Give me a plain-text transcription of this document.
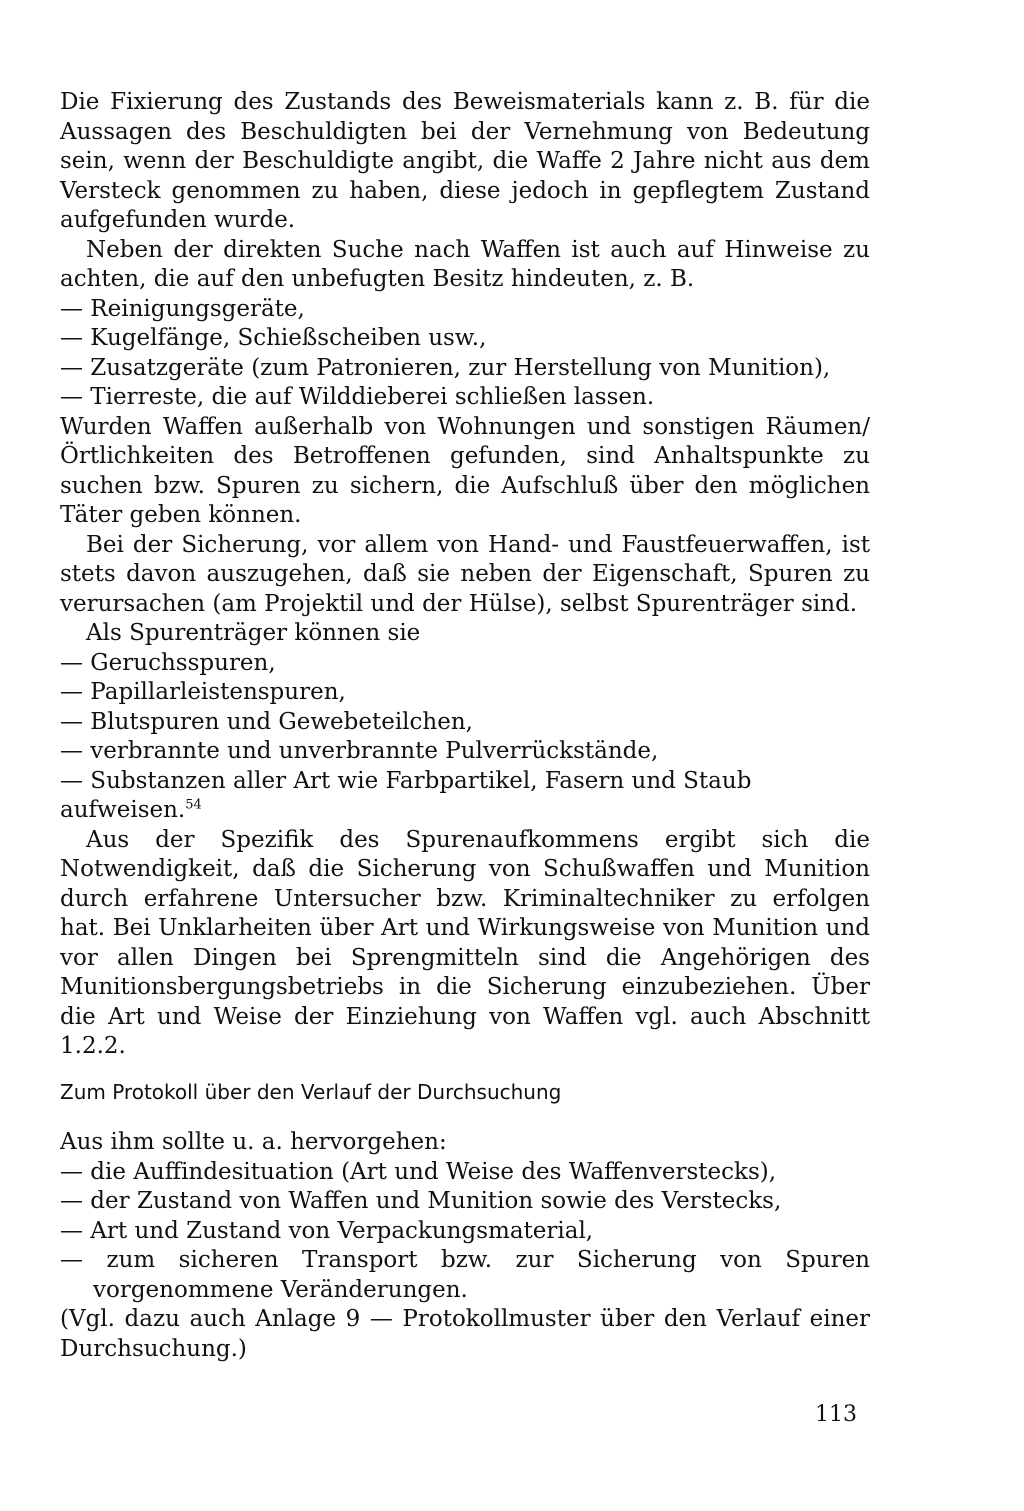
Die Fixierung des Zustands des Beweismaterials kann z. B. für die Aussagen des Beschuldigten bei der Vernehmung von Bedeutung sein, wenn der Beschuldigte angibt, die Waffe 2 Jahre nicht aus dem Versteck genommen zu haben, diese jedoch in gepflegtem Zustand aufgefunden wurde.

Neben der direkten Suche nach Waffen ist auch auf Hinweise zu achten, die auf den unbefugten Besitz hindeuten, z. B.

— Reinigungsgeräte,

— Kugelfänge, Schießscheiben usw.,

— Zusatzgeräte (zum Patronieren, zur Herstellung von Munition),

— Tierreste, die auf Wilddieberei schließen lassen.

Wurden Waffen außerhalb von Wohnungen und sonstigen Räumen/ Örtlichkeiten des Betroffenen gefunden, sind Anhaltspunkte zu suchen bzw. Spuren zu sichern, die Aufschluß über den möglichen Täter geben können.

Bei der Sicherung, vor allem von Hand- und Faustfeuerwaffen, ist stets davon auszugehen, daß sie neben der Eigenschaft, Spuren zu verursachen (am Projektil und der Hülse), selbst Spurenträger sind.

Als Spurenträger können sie

— Geruchsspuren,

— Papillarleistenspuren,

— Blutspuren und Gewebeteilchen,

— verbrannte und unverbrannte Pulverrückstände,

— Substanzen aller Art wie Farbpartikel, Fasern und Staub

aufweisen.$^{54}$

Aus der Spezifik des Spurenaufkommens ergibt sich die Notwendigkeit, daß die Sicherung von Schußwaffen und Munition durch erfahrene Untersucher bzw. Kriminaltechniker zu erfolgen hat. Bei Unklarheiten über Art und Wirkungsweise von Munition und vor allen Dingen bei Sprengmitteln sind die Angehörigen des Munitionsbergungsbetriebs in die Sicherung einzubeziehen. Über die Art und Weise der Einziehung von Waffen vgl. auch Abschnitt 1.2.2.

Zum Protokoll über den Verlauf der Durchsuchung

Aus ihm sollte u. a. hervorgehen:

— die Auffindesituation (Art und Weise des Waffenverstecks),

— der Zustand von Waffen und Munition sowie des Verstecks,

— Art und Zustand von Verpackungsmaterial,

— zum sicheren Transport bzw. zur Sicherung von Spuren vorgenommene Veränderungen.

(Vgl. dazu auch Anlage 9 — Protokollmuster über den Verlauf einer Durchsuchung.)

113
